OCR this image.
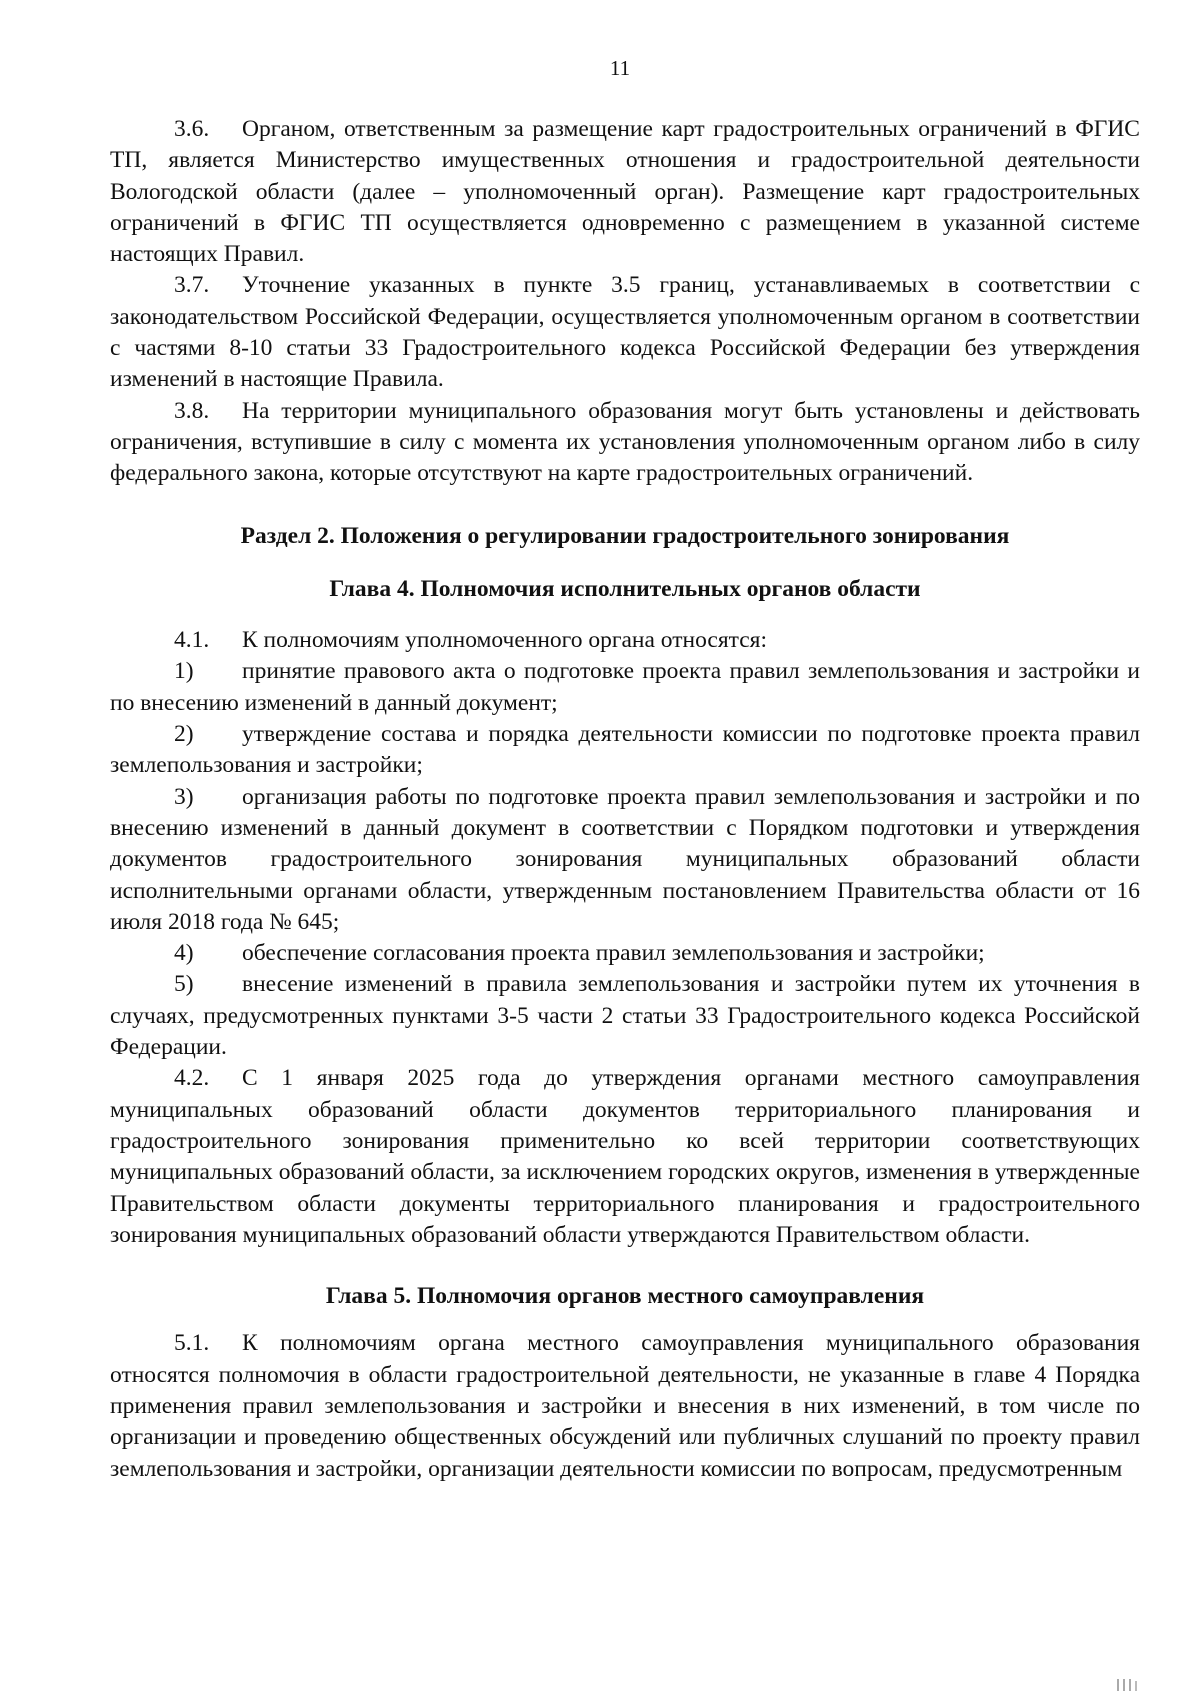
11

3.6. Органом, ответственным за размещение карт градостроительных ограничений в ФГИС ТП, является Министерство имущественных отношения и градостроительной деятельности Вологодской области (далее – уполномоченный орган). Размещение карт градостроительных ограничений в ФГИС ТП осуществляется одновременно с размещением в указанной системе настоящих Правил.

3.7. Уточнение указанных в пункте 3.5 границ, устанавливаемых в соответствии с законодательством Российской Федерации, осуществляется уполномоченным органом в соответствии с частями 8-10 статьи 33 Градостроительного кодекса Российской Федерации без утверждения изменений в настоящие Правила.

3.8. На территории муниципального образования могут быть установлены и действовать ограничения, вступившие в силу с момента их установления уполномоченным органом либо в силу федерального закона, которые отсутствуют на карте градостроительных ограничений.

Раздел 2. Положения о регулировании градостроительного зонирования

Глава 4. Полномочия исполнительных органов области

4.1. К полномочиям уполномоченного органа относятся:

1) принятие правового акта о подготовке проекта правил землепользования и застройки и по внесению изменений в данный документ;

2) утверждение состава и порядка деятельности комиссии по подготовке проекта правил землепользования и застройки;

3) организация работы по подготовке проекта правил землепользования и застройки и по внесению изменений в данный документ в соответствии с Порядком подготовки и утверждения документов градостроительного зонирования муниципальных образований области исполнительными органами области, утвержденным постановлением Правительства области от 16 июля 2018 года № 645;

4) обеспечение согласования проекта правил землепользования и застройки;

5) внесение изменений в правила землепользования и застройки путем их уточнения в случаях, предусмотренных пунктами 3-5 части 2 статьи 33 Градостроительного кодекса Российской Федерации.

4.2. С 1 января 2025 года до утверждения органами местного самоуправления муниципальных образований области документов территориального планирования и градостроительного зонирования применительно ко всей территории соответствующих муниципальных образований области, за исключением городских округов, изменения в утвержденные Правительством области документы территориального планирования и градостроительного зонирования муниципальных образований области утверждаются Правительством области.

Глава 5. Полномочия органов местного самоуправления

5.1. К полномочиям органа местного самоуправления муниципального образования относятся полномочия в области градостроительной деятельности, не указанные в главе 4 Порядка применения правил землепользования и застройки и внесения в них изменений, в том числе по организации и проведению общественных обсуждений или публичных слушаний по проекту правил землепользования и застройки, организации деятельности комиссии по вопросам, предусмотренным
